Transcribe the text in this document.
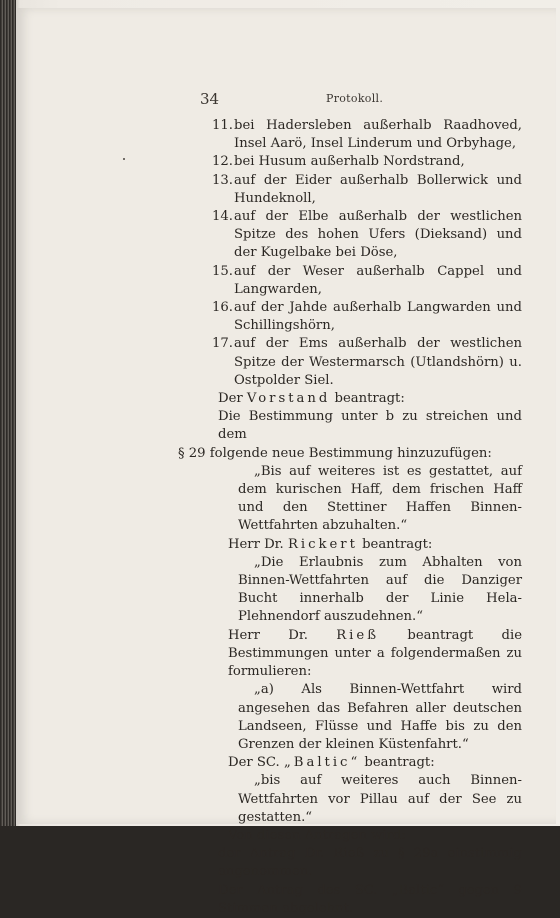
34	Protokoll.
11. bei Hadersleben außerhalb Raadhoved, Insel Aarö, Insel Linderum und Orbyhage,
12. bei Husum außerhalb Nordstrand,
13. auf der Eider außerhalb Bollerwick und Hundeknoll,
14. auf der Elbe außerhalb der westlichen Spitze des hohen Ufers (Dieksand) und der Kugelbake bei Döse,
15. auf der Weser außerhalb Cappel und Langwarden,
16. auf der Jahde außerhalb Langwarden und Schillingshörn,
17. auf der Ems außerhalb der westlichen Spitze der Westermarsch (Utlandshörn) u. Ostpolder Siel.
Der Vorstand beantragt:
Die Bestimmung unter b zu streichen und dem
§ 29 folgende neue Bestimmung hinzuzufügen:
„Bis auf weiteres ist es gestattet, auf dem kurischen Haff, dem frischen Haff und den Stettiner Haffen Binnen-Wettfahrten abzuhalten.“
Herr Dr. Rickert beantragt:
„Die Erlaubnis zum Abhalten von Binnen-Wettfahrten auf die Danziger Bucht innerhalb der Linie Hela-Plehnendorf auszudehnen.“
Herr Dr. Rieß beantragt die Bestimmungen unter a folgendermaßen zu formulieren:
„a) Als Binnen-Wettfahrt wird angesehen das Befahren aller deutschen Landseen, Flüsse und Haffe bis zu den Grenzen der kleinen Küstenfahrt.“
Der SC. „Baltic“ beantragt:
„bis auf weiteres auch Binnen-Wettfahrten vor Pillau auf der See zu gestatten.“
Von diesen Anträgen wird:
der Antrag Dr. Rieß zu § 29a einstimmig angenommen.
Der Antrag des SC. „Baltic“ gegen 9 Stimmen abgelehnt.
